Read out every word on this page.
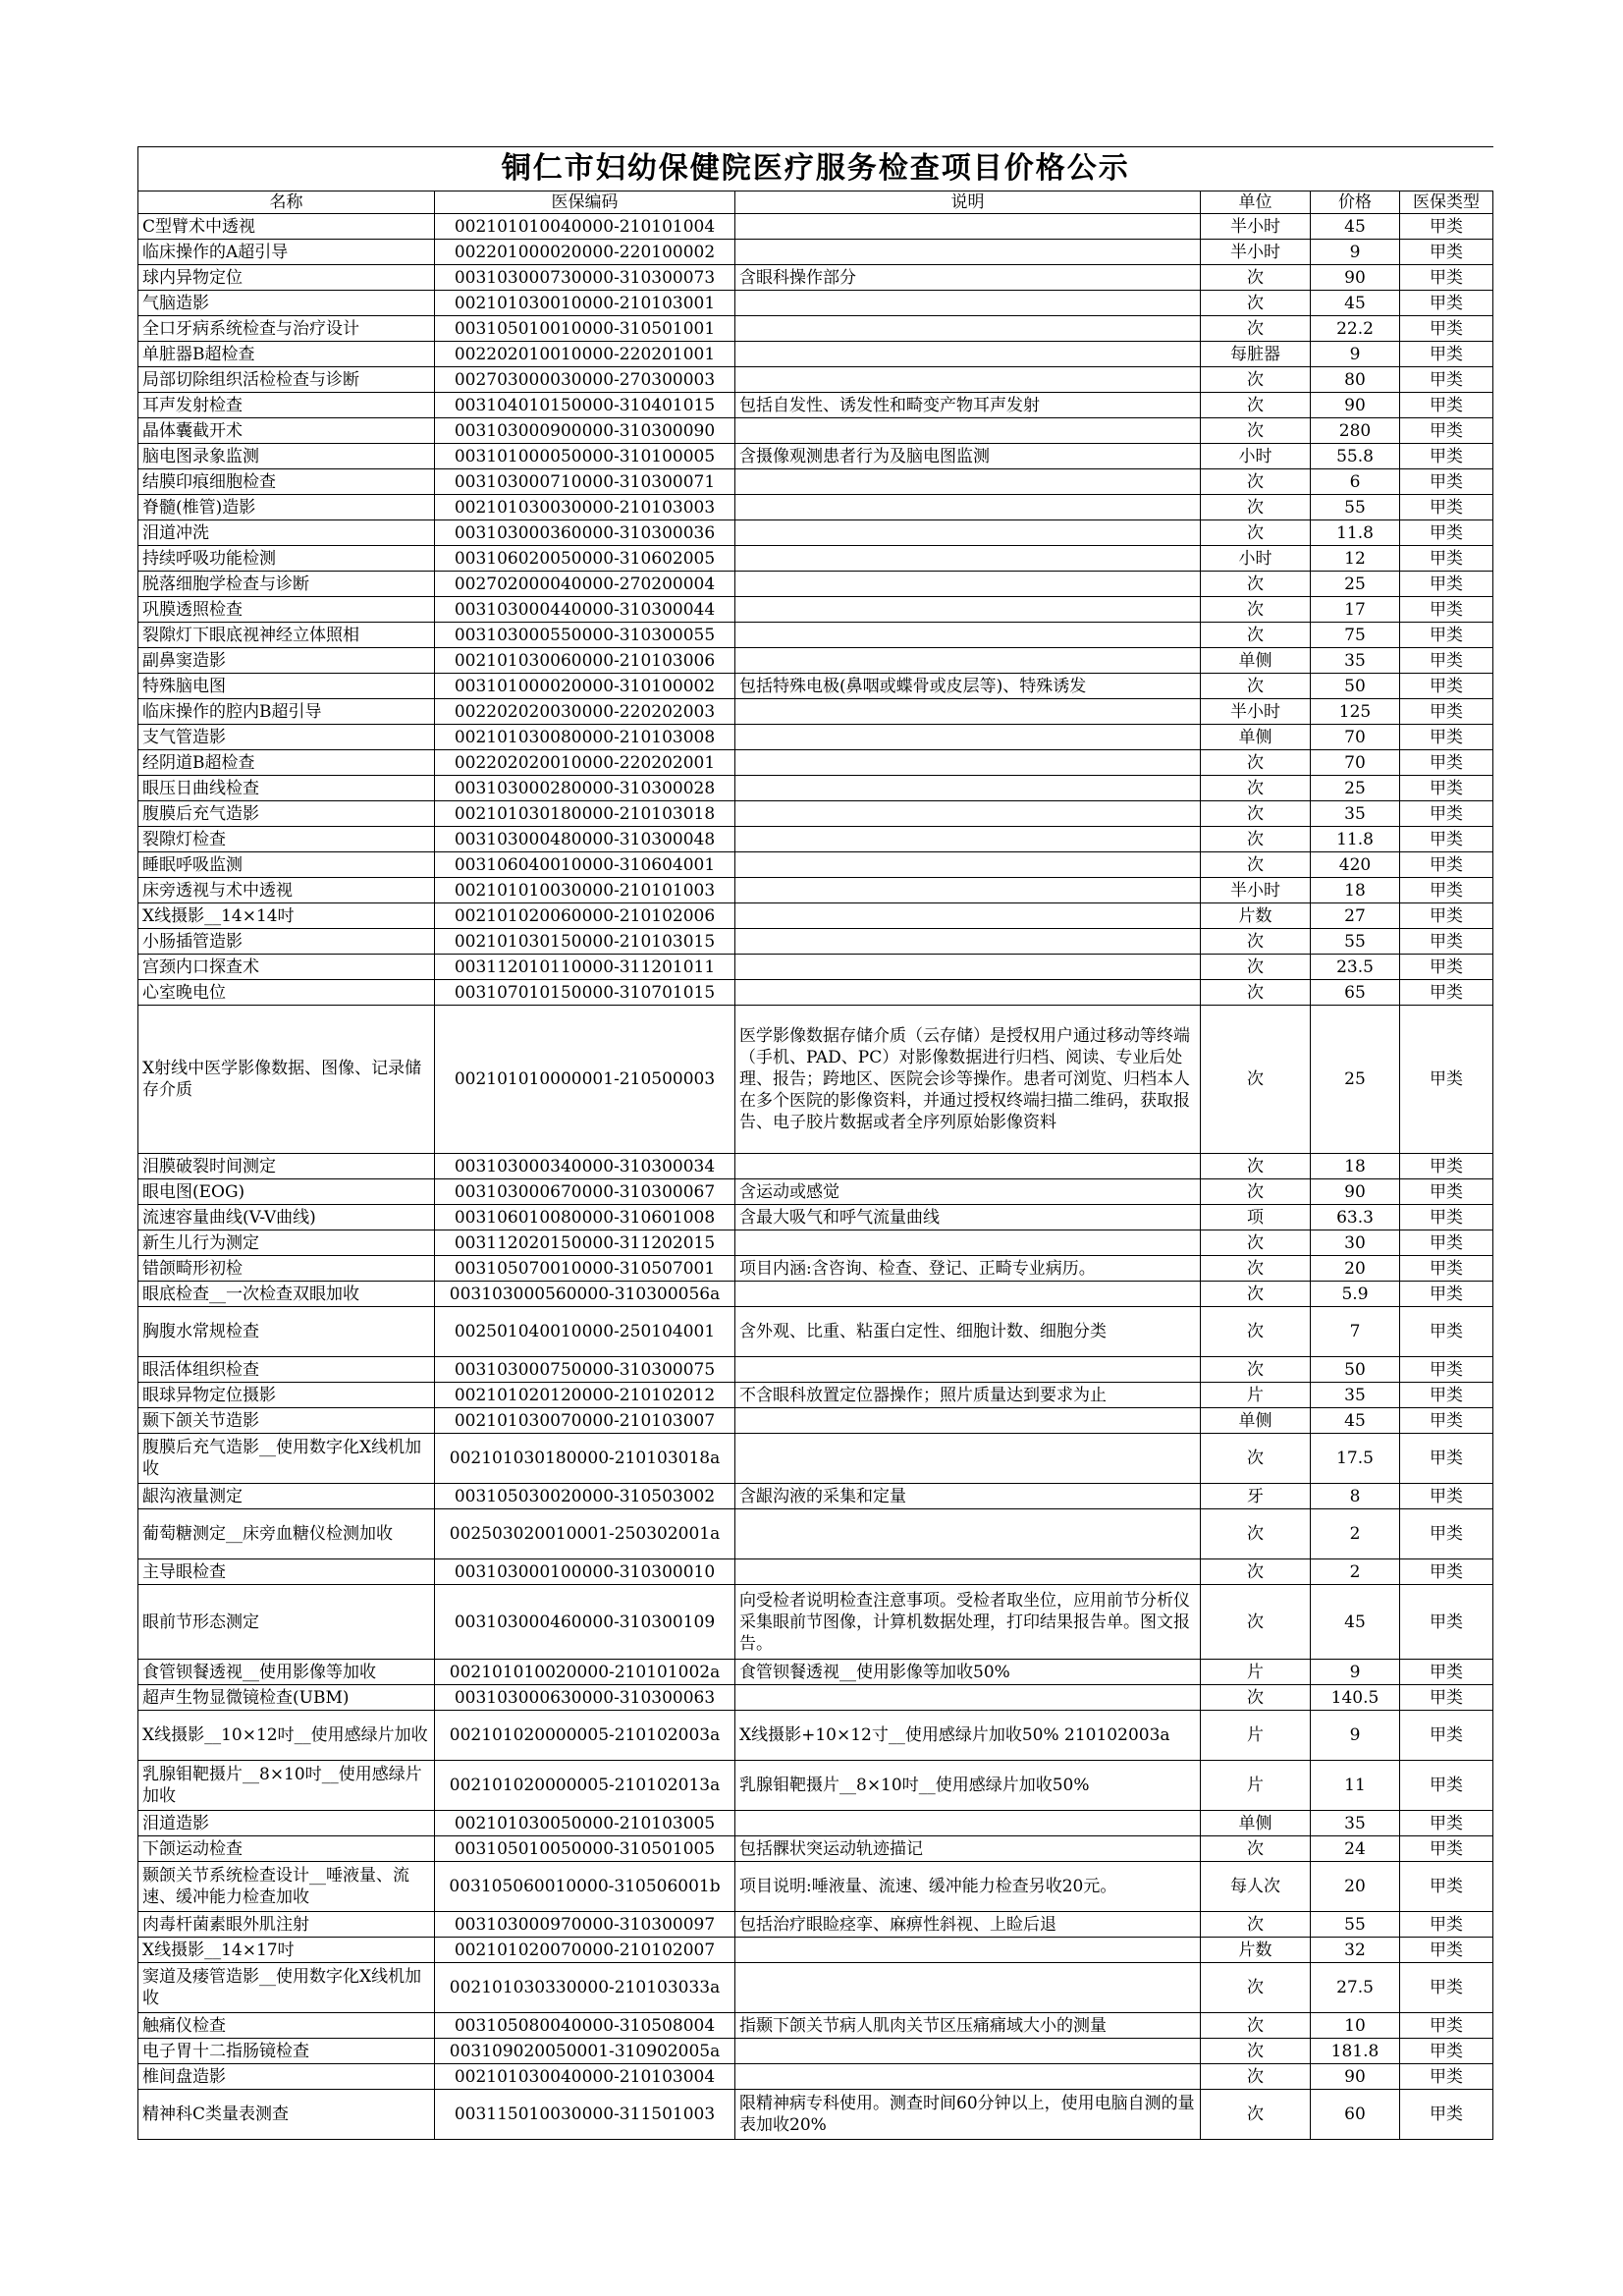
铜仁市妇幼保健院医疗服务检查项目价格公示					
名称	医保编码	说明	单位	价格	医保类型
C型臂术中透视	002101010040000-210101004		半小时	45	甲类
临床操作的A超引导	002201000020000-220100002		半小时	9	甲类
球内异物定位	003103000730000-310300073	含眼科操作部分	次	90	甲类
气脑造影	002101030010000-210103001		次	45	甲类
全口牙病系统检查与治疗设计	003105010010000-310501001		次	22.2	甲类
单脏器B超检查	002202010010000-220201001		每脏器	9	甲类
局部切除组织活检检查与诊断	002703000030000-270300003		次	80	甲类
耳声发射检查	003104010150000-310401015	包括自发性、诱发性和畸变产物耳声发射	次	90	甲类
晶体囊截开术	003103000900000-310300090		次	280	甲类
脑电图录象监测	003101000050000-310100005	含摄像观测患者行为及脑电图监测	小时	55.8	甲类
结膜印痕细胞检查	003103000710000-310300071		次	6	甲类
脊髓(椎管)造影	002101030030000-210103003		次	55	甲类
泪道冲洗	003103000360000-310300036		次	11.8	甲类
持续呼吸功能检测	003106020050000-310602005		小时	12	甲类
脱落细胞学检查与诊断	002702000040000-270200004		次	25	甲类
巩膜透照检查	003103000440000-310300044		次	17	甲类
裂隙灯下眼底视神经立体照相	003103000550000-310300055		次	75	甲类
副鼻窦造影	002101030060000-210103006		单侧	35	甲类
特殊脑电图	003101000020000-310100002	包括特殊电极(鼻咽或蝶骨或皮层等)、特殊诱发	次	50	甲类
临床操作的腔内B超引导	002202020030000-220202003		半小时	125	甲类
支气管造影	002101030080000-210103008		单侧	70	甲类
经阴道B超检查	002202020010000-220202001		次	70	甲类
眼压日曲线检查	003103000280000-310300028		次	25	甲类
腹膜后充气造影	002101030180000-210103018		次	35	甲类
裂隙灯检查	003103000480000-310300048		次	11.8	甲类
睡眠呼吸监测	003106040010000-310604001		次	420	甲类
床旁透视与术中透视	002101010030000-210101003		半小时	18	甲类
X线摄影__14×14吋	002101020060000-210102006		片数	27	甲类
小肠插管造影	002101030150000-210103015		次	55	甲类
宫颈内口探查术	003112010110000-311201011		次	23.5	甲类
心室晚电位	003107010150000-310701015		次	65	甲类
X射线中医学影像数据、图像、记录储存介质	002101010000001-210500003	医学影像数据存储介质（云存储）是授权用户通过移动等终端（手机、PAD、PC）对影像数据进行归档、阅读、专业后处理、报告；跨地区、医院会诊等操作。患者可浏览、归档本人在多个医院的影像资料，并通过授权终端扫描二维码，获取报告、电子胶片数据或者全序列原始影像资料	次	25	甲类
泪膜破裂时间测定	003103000340000-310300034		次	18	甲类
眼电图(EOG)	003103000670000-310300067	含运动或感觉	次	90	甲类
流速容量曲线(V-V曲线)	003106010080000-310601008	含最大吸气和呼气流量曲线	项	63.3	甲类
新生儿行为测定	003112020150000-311202015		次	30	甲类
错颌畸形初检	003105070010000-310507001	项目内涵:含咨询、检查、登记、正畸专业病历。	次	20	甲类
眼底检查__一次检查双眼加收	003103000560000-310300056a		次	5.9	甲类
胸腹水常规检查	002501040010000-250104001	含外观、比重、粘蛋白定性、细胞计数、细胞分类	次	7	甲类
眼活体组织检查	003103000750000-310300075		次	50	甲类
眼球异物定位摄影	002101020120000-210102012	不含眼科放置定位器操作；照片质量达到要求为止	片	35	甲类
颞下颌关节造影	002101030070000-210103007		单侧	45	甲类
腹膜后充气造影__使用数字化X线机加收	002101030180000-210103018a		次	17.5	甲类
龈沟液量测定	003105030020000-310503002	含龈沟液的采集和定量	牙	8	甲类
葡萄糖测定__床旁血糖仪检测加收	002503020010001-250302001a		次	2	甲类
主导眼检查	003103000100000-310300010		次	2	甲类
眼前节形态测定	003103000460000-310300109	向受检者说明检查注意事项。受检者取坐位，应用前节分析仪采集眼前节图像，计算机数据处理，打印结果报告单。图文报告。	次	45	甲类
食管钡餐透视__使用影像等加收	002101010020000-210101002a	食管钡餐透视__使用影像等加收50%	片	9	甲类
超声生物显微镜检查(UBM)	003103000630000-310300063		次	140.5	甲类
X线摄影__10×12吋__使用感绿片加收	002101020000005-210102003a	X线摄影+10×12寸__使用感绿片加收50% 210102003a	片	9	甲类
乳腺钼靶摄片__8×10吋__使用感绿片加收	002101020000005-210102013a	乳腺钼靶摄片__8×10吋__使用感绿片加收50%	片	11	甲类
泪道造影	002101030050000-210103005		单侧	35	甲类
下颌运动检查	003105010050000-310501005	包括髁状突运动轨迹描记	次	24	甲类
颞颌关节系统检查设计__唾液量、流速、缓冲能力检查加收	003105060010000-310506001b	项目说明:唾液量、流速、缓冲能力检查另收20元。	每人次	20	甲类
肉毒杆菌素眼外肌注射	003103000970000-310300097	包括治疗眼睑痉挛、麻痹性斜视、上睑后退	次	55	甲类
X线摄影__14×17吋	002101020070000-210102007		片数	32	甲类
窦道及瘘管造影__使用数字化X线机加收	002101030330000-210103033a		次	27.5	甲类
触痛仪检查	003105080040000-310508004	指颞下颌关节病人肌肉关节区压痛痛域大小的测量	次	10	甲类
电子胃十二指肠镜检查	003109020050001-310902005a		次	181.8	甲类
椎间盘造影	002101030040000-210103004		次	90	甲类
精神科C类量表测查	003115010030000-311501003	限精神病专科使用。测查时间60分钟以上，使用电脑自测的量表加收20%	次	60	甲类
